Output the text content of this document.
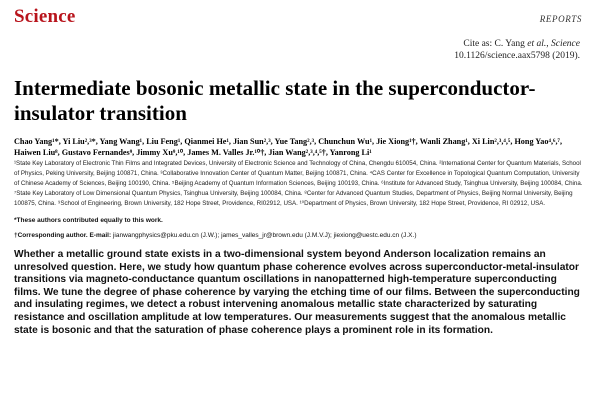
Science	REPORTS
Cite as: C. Yang et al., Science
10.1126/science.aax5798 (2019).
Intermediate bosonic metallic state in the superconductor-insulator transition
Chao Yang¹*, Yi Liu²,³*, Yang Wang¹, Liu Feng¹, Qianmei He¹, Jian Sun²,³, Yue Tang²,³, Chunchun Wu¹, Jie Xiong¹†, Wanli Zhang¹, Xi Lin²,³,⁴,⁵, Hong Yao⁴,⁶,⁷, Haiwen Liu⁸, Gustavo Fernandes⁹, Jimmy Xu⁹,¹⁰, James M. Valles Jr.¹⁰†, Jian Wang²,³,⁴,⁵†, Yanrong Li¹
¹State Key Laboratory of Electronic Thin Films and Integrated Devices, University of Electronic Science and Technology of China, Chengdu 610054, China. ²International Center for Quantum Materials, School of Physics, Peking University, Beijing 100871, China. ³Collaborative Innovation Center of Quantum Matter, Beijing 100871, China. ⁴CAS Center for Excellence in Topological Quantum Computation, University of Chinese Academy of Sciences, Beijing 100190, China. ⁵Beijing Academy of Quantum Information Sciences, Beijing 100193, China. ⁶Institute for Advanced Study, Tsinghua University, Beijing 100084, China. ⁷State Key Laboratory of Low Dimensional Quantum Physics, Tsinghua University, Beijing 100084, China. ⁸Center for Advanced Quantum Studies, Department of Physics, Beijing Normal University, Beijing 100875, China. ⁹School of Engineering, Brown University, 182 Hope Street, Providence, RI02912, USA. ¹⁰Department of Physics, Brown University, 182 Hope Street, Providence, RI 02912, USA.
*These authors contributed equally to this work.
†Corresponding author. E-mail: jianwangphysics@pku.edu.cn (J.W.); james_valles_jr@brown.edu (J.M.V.J); jiexiong@uestc.edu.cn (J.X.)
Whether a metallic ground state exists in a two-dimensional system beyond Anderson localization remains an unresolved question. Here, we study how quantum phase coherence evolves across superconductor-metal-insulator transitions via magneto-conductance quantum oscillations in nanopatterned high-temperature superconducting films. We tune the degree of phase coherence by varying the etching time of our films. Between the superconducting and insulating regimes, we detect a robust intervening anomalous metallic state characterized by saturating resistance and oscillation amplitude at low temperatures. Our measurements suggest that the anomalous metallic state is bosonic and that the saturation of phase coherence plays a prominent role in its formation.
